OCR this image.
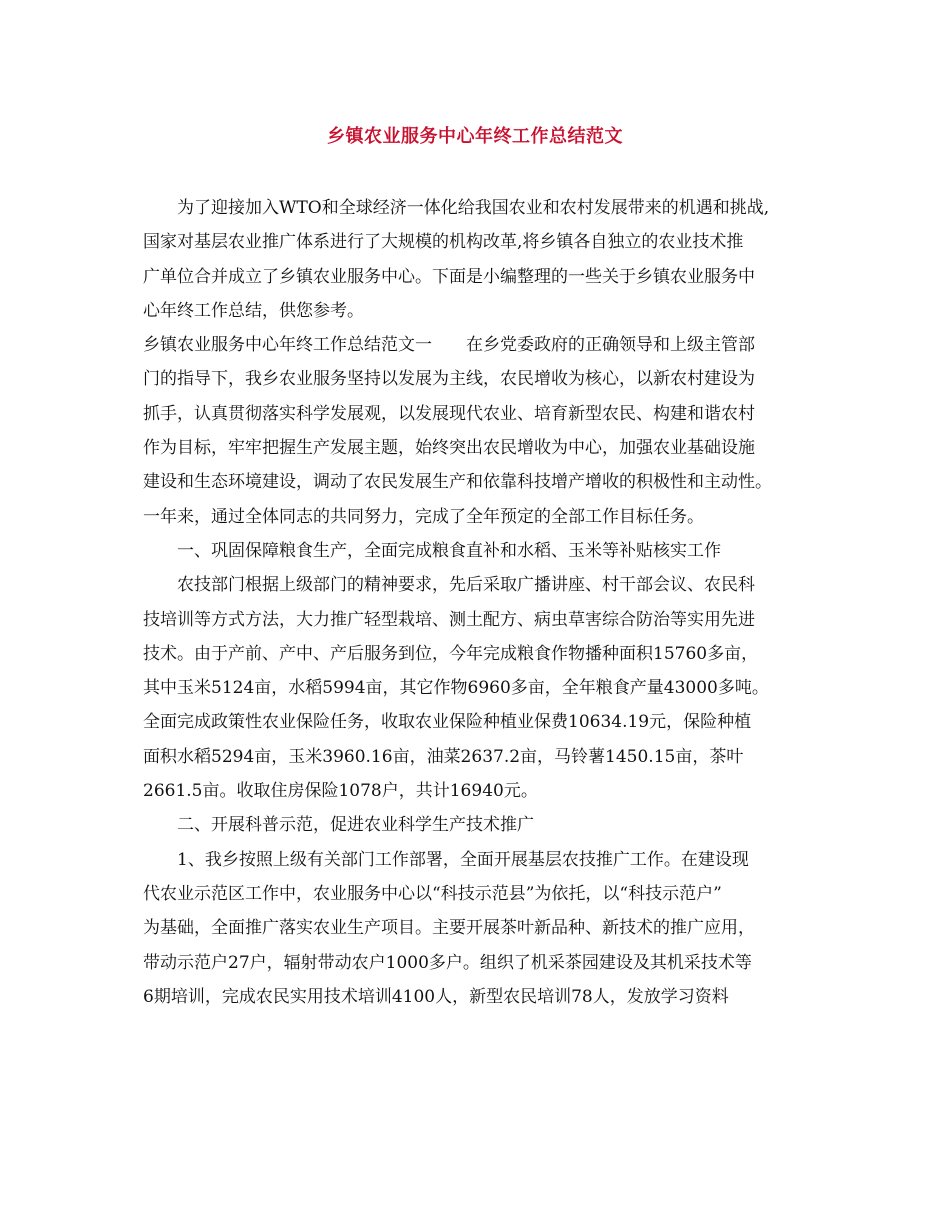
乡镇农业服务中心年终工作总结范文
为了迎接加入WTO和全球经济一体化给我国农业和农村发展带来的机遇和挑战,
国家对基层农业推广体系进行了大规模的机构改革,将乡镇各自独立的农业技术推
广单位合并成立了乡镇农业服务中心。下面是小编整理的一些关于乡镇农业服务中
心年终工作总结，供您参考。
乡镇农业服务中心年终工作总结范文一 在乡党委政府的正确领导和上级主管部
门的指导下，我乡农业服务坚持以发展为主线，农民增收为核心，以新农村建设为
抓手，认真贯彻落实科学发展观，以发展现代农业、培育新型农民、构建和谐农村
作为目标，牢牢把握生产发展主题，始终突出农民增收为中心，加强农业基础设施
建设和生态环境建设，调动了农民发展生产和依靠科技增产增收的积极性和主动性。
一年来，通过全体同志的共同努力，完成了全年预定的全部工作目标任务。
一、巩固保障粮食生产，全面完成粮食直补和水稻、玉米等补贴核实工作
农技部门根据上级部门的精神要求，先后采取广播讲座、村干部会议、农民科
技培训等方式方法，大力推广轻型栽培、测土配方、病虫草害综合防治等实用先进
技术。由于产前、产中、产后服务到位，今年完成粮食作物播种面积15760多亩，
其中玉米5124亩，水稻5994亩，其它作物6960多亩，全年粮食产量43000多吨。
全面完成政策性农业保险任务，收取农业保险种植业保费10634.19元，保险种植
面积水稻5294亩，玉米3960.16亩，油菜2637.2亩，马铃薯1450.15亩，茶叶
2661.5亩。收取住房保险1078户，共计16940元。
二、开展科普示范，促进农业科学生产技术推广
1、我乡按照上级有关部门工作部署，全面开展基层农技推广工作。在建设现
代农业示范区工作中，农业服务中心以“科技示范县”为依托，以“科技示范户”
为基础，全面推广落实农业生产项目。主要开展茶叶新品种、新技术的推广应用，
带动示范户27户，辐射带动农户1000多户。组织了机采茶园建设及其机采技术等
6期培训，完成农民实用技术培训4100人，新型农民培训78人，发放学习资料
